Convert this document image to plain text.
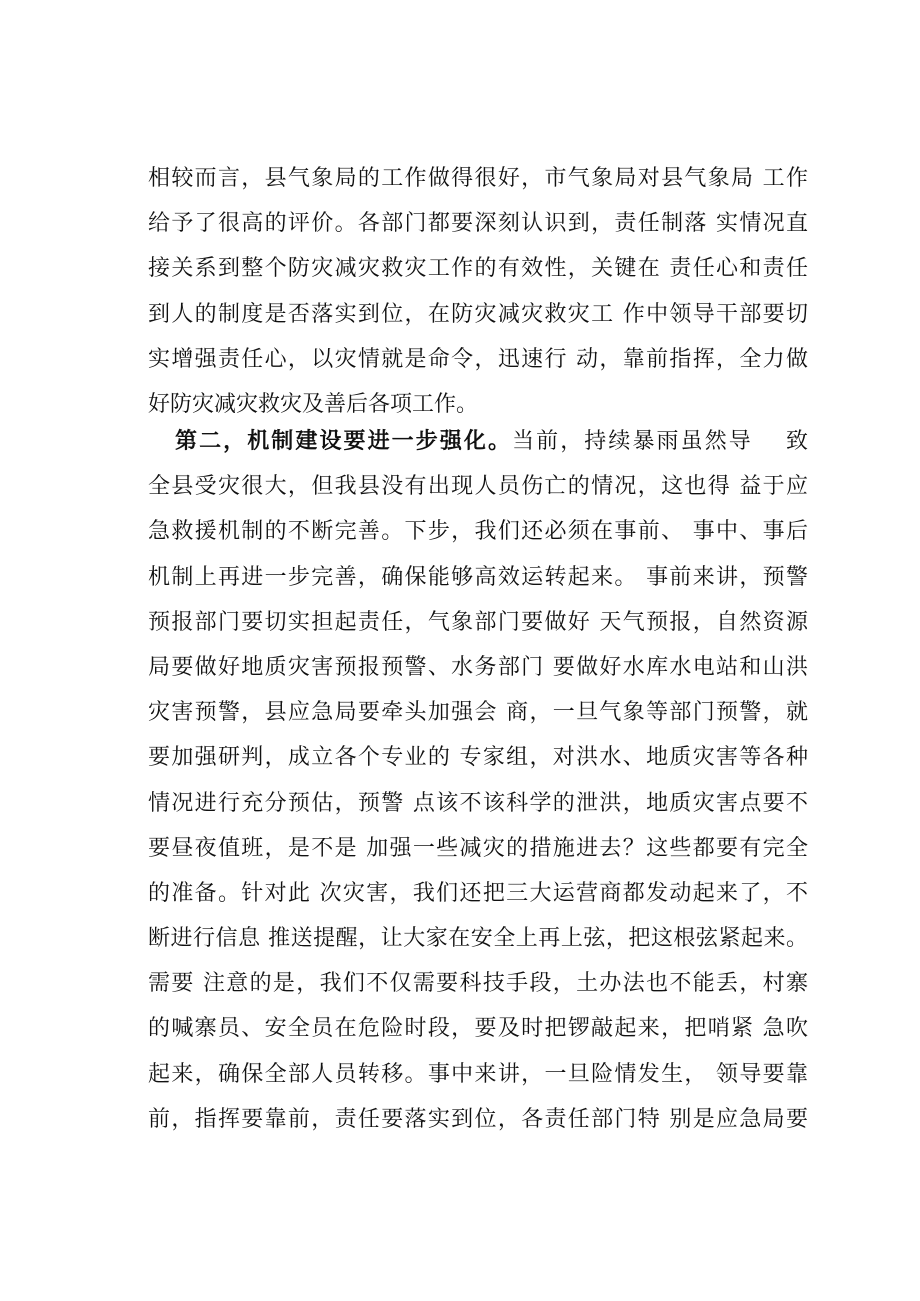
相较而言，县气象局的工作做得很好，市气象局对县气象局 工作
给予了很高的评价。各部门都要深刻认识到，责任制落 实情况直
接关系到整个防灾减灾救灾工作的有效性，关键在 责任心和责任
到人的制度是否落实到位，在防灾减灾救灾工 作中领导干部要切
实增强责任心，以灾情就是命令，迅速行 动，靠前指挥，全力做
好防灾减灾救灾及善后各项工作。
第二，机制建设要进一步强化。当前，持续暴雨虽然导　 致
全县受灾很大，但我县没有出现人员伤亡的情况，这也得 益于应
急救援机制的不断完善。下步，我们还必须在事前、 事中、事后
机制上再进一步完善，确保能够高效运转起来。 事前来讲，预警
预报部门要切实担起责任，气象部门要做好 天气预报，自然资源
局要做好地质灾害预报预警、水务部门 要做好水库水电站和山洪
灾害预警，县应急局要牵头加强会 商，一旦气象等部门预警，就
要加强研判，成立各个专业的 专家组，对洪水、地质灾害等各种
情况进行充分预估，预警 点该不该科学的泄洪，地质灾害点要不
要昼夜值班，是不是 加强一些减灾的措施进去？这些都要有完全
的准备。针对此 次灾害，我们还把三大运营商都发动起来了，不
断进行信息 推送提醒，让大家在安全上再上弦，把这根弦紧起来。
需要 注意的是，我们不仅需要科技手段，土办法也不能丢，村寨
的喊寨员、安全员在危险时段，要及时把锣敲起来，把哨紧 急吹
起来，确保全部人员转移。事中来讲，一旦险情发生， 领导要靠
前，指挥要靠前，责任要落实到位，各责任部门特 别是应急局要
